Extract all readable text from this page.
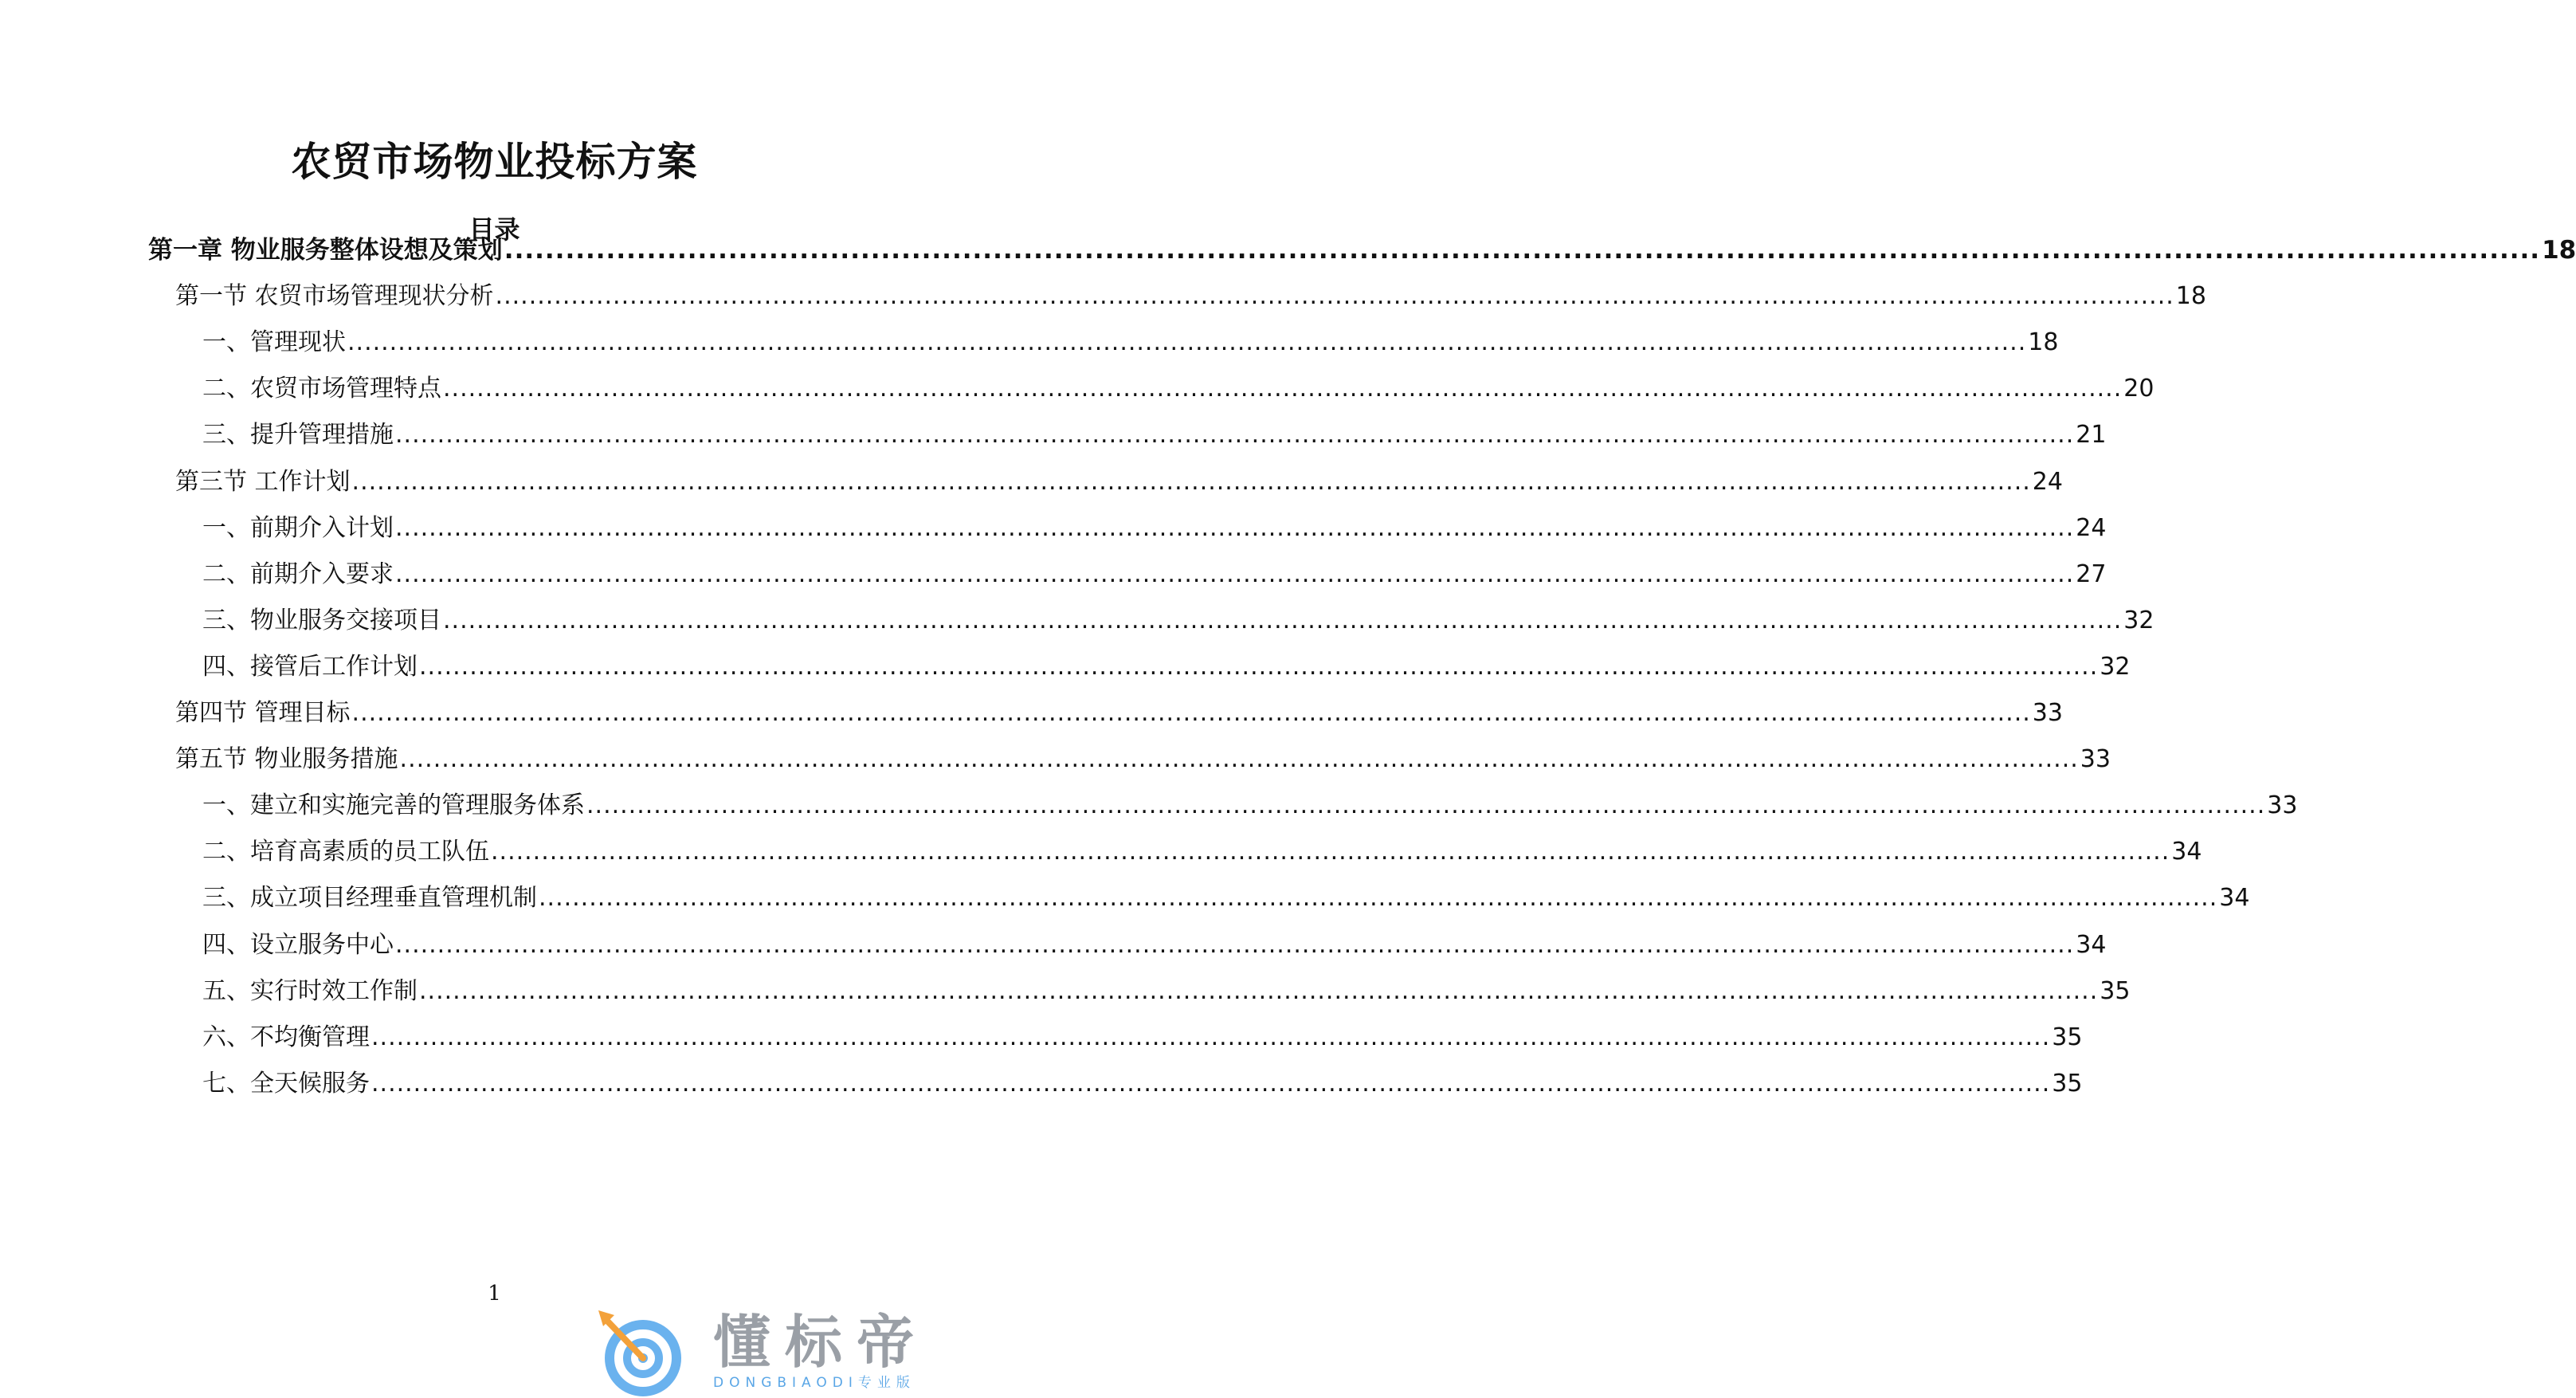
农贸市场物业投标方案
目录
第一章 物业服务整体设想及策划 ........................................................................................................................................................................................................ 18
第一节 农贸市场管理现状分析 ........................................................................................................................................................................................................ 18
一、管理现状 ........................................................................................................................................................................................................ 18
二、农贸市场管理特点 ........................................................................................................................................................................................................ 20
三、提升管理措施 ........................................................................................................................................................................................................ 21
第三节 工作计划 ........................................................................................................................................................................................................ 24
一、前期介入计划 ........................................................................................................................................................................................................ 24
二、前期介入要求 ........................................................................................................................................................................................................ 27
三、物业服务交接项目 ........................................................................................................................................................................................................ 32
四、接管后工作计划 ........................................................................................................................................................................................................ 32
第四节 管理目标 ........................................................................................................................................................................................................ 33
第五节 物业服务措施 ........................................................................................................................................................................................................ 33
一、建立和实施完善的管理服务体系 ........................................................................................................................................................................................................ 33
二、培育高素质的员工队伍 ........................................................................................................................................................................................................ 34
三、成立项目经理垂直管理机制 ........................................................................................................................................................................................................ 34
四、设立服务中心 ........................................................................................................................................................................................................ 34
五、实行时效工作制 ........................................................................................................................................................................................................ 35
六、不均衡管理 ........................................................................................................................................................................................................ 35
七、全天候服务 ........................................................................................................................................................................................................ 35
1
懂标帝
DONGBIAODI专业版
